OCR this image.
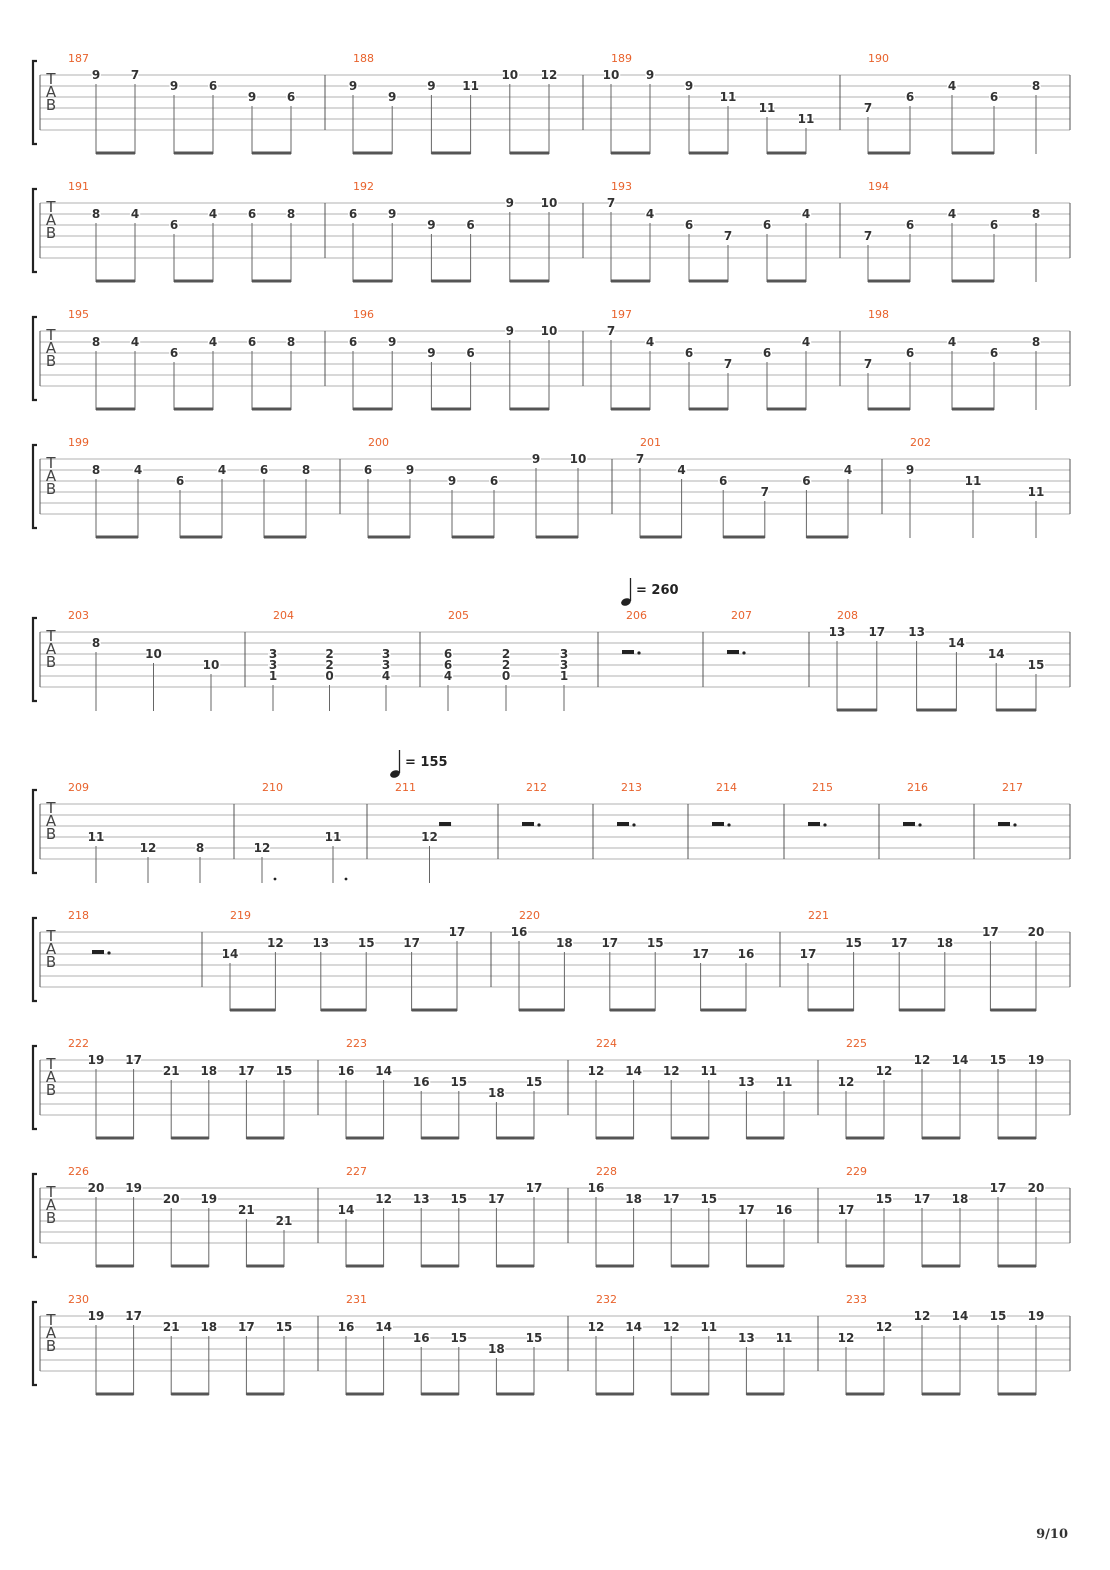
T
A
B
187
9	7
9	6
9	6
188
9
9
9 11
10 12
189
10 9
9
11
11
11
190
7
6
4
6
8
T
A
B
191
8	4
6
4	6	8
192
6	9
9	6
9 10
193
7
4
6
7
6
4
194
7
6
4
6
8
T
A
B
195
8	4
6
4	6	8
196
6	9
9	6
9 10
197
7
4
6
7
6
4
198
7
6
4
6
8
T
A
B
199
8	4
6
4	6	8
200
6	9
9	6
9 10
201
7
4
6
7
6
4
202
9
11
11
T
A
B
203
8
10
10
204
3
3
1
2
2
0
3
3
4
205
6
6
4
2
2
0
3
3
1
206	207	208
13 17 13
14
14
15
T
A
B
209
11
12	8
210
12
11
211
12
212	213	214	215	216	217
T
A
B
218	219
14
12 13 15 17
17
220
16
18 17 15
17 16
221
17
15 17 18
17 20
T
A
B
222
19 17
21 18 17 15
223
16 14
16 15
18
15
224
12 14 12 11
13 11
225
12
12
12 14 15 19
T
A
B
226
20 19
20 19
21
21
227
14
12 13 15 17
17
228
16
18 17 15
17 16
229
17
15 17 18
17 20
T
A
B
230
19 17
21 18 17 15
231
16 14
16 15
18
15
232
12 14 12 11
13 11
233
12
12
12 14 15 19
= 260
= 155
9/10
